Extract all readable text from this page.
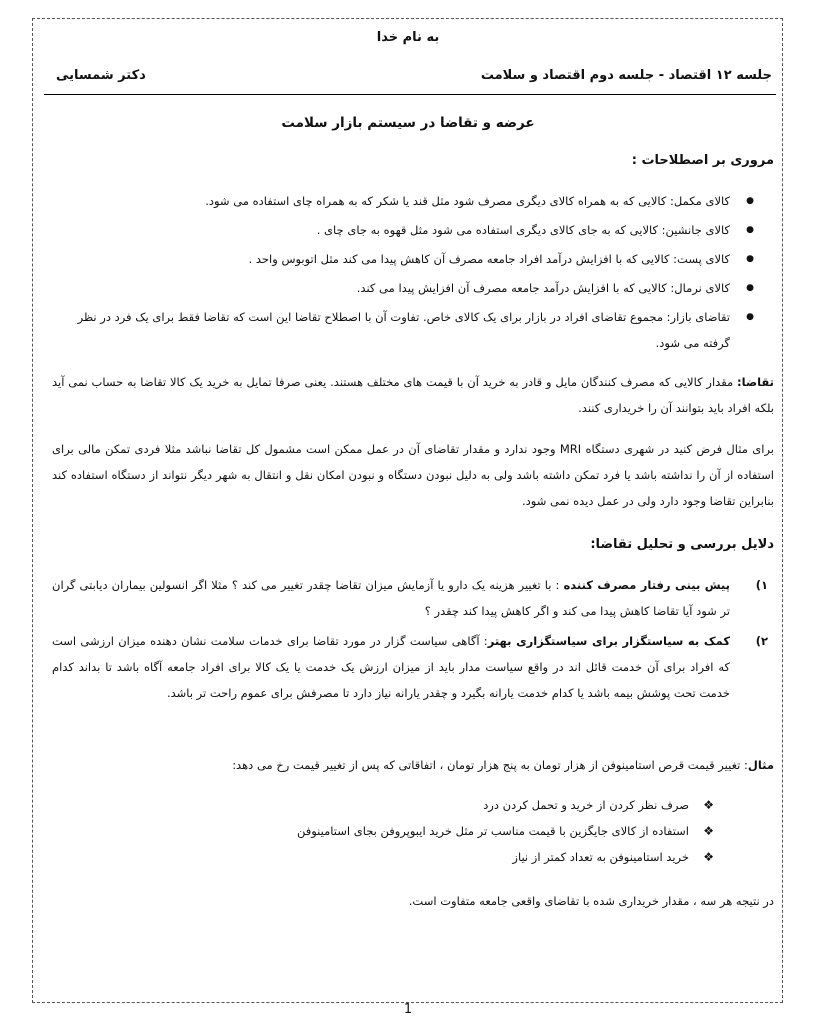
به نام خدا
جلسه ۱۲ اقتصاد - جلسه دوم اقتصاد و سلامت
دکتر شمسایی
عرضه و تقاضا در سیستم بازار سلامت
مروری بر اصطلاحات :
● کالای مکمل: کالایی که به همراه کالای دیگری مصرف شود مثل قند یا شکر که به همراه چای استفاده می شود.
● کالای جانشین: کالایی که به جای کالای دیگری استفاده می شود مثل قهوه به جای چای .
● کالای پست: کالایی که با افزایش درآمد افراد جامعه مصرف آن کاهش پیدا می کند مثل اتوبوس واحد .
● کالای نرمال: کالایی که با افزایش درآمد جامعه مصرف آن افزایش پیدا می کند.
● تقاضای بازار: مجموع تقاضای افراد در بازار برای یک کالای خاص. تفاوت آن با اصطلاح تقاضا این است که تقاضا فقط برای یک فرد در نظر گرفته می شود.
تقاضا: مقدار کالایی که مصرف کنندگان مایل و قادر به خرید آن با قیمت های مختلف هستند. یعنی صرفا تمایل به خرید یک کالا تقاضا به حساب نمی آید بلکه افراد باید بتوانند آن را خریداری کنند.
برای مثال فرض کنید در شهری دستگاه MRI وجود ندارد و مقدار تقاضای آن در عمل ممکن است مشمول کل تقاضا نباشد مثلا فردی تمکن مالی برای استفاده از آن را نداشته باشد یا فرد تمکن داشته باشد ولی به دلیل نبودن دستگاه و نبودن امکان نقل و انتقال به شهر دیگر نتواند از دستگاه استفاده کند بنابراین تقاضا وجود دارد ولی در عمل دیده نمی شود.
دلایل بررسی و تحلیل تقاضا:
۱)
پیش بینی رفتار مصرف کننده : با تغییر هزینه یک دارو یا آزمایش میزان تقاضا چقدر تغییر می کند ؟ مثلا اگر انسولین بیماران دیابتی گران تر شود آیا تقاضا کاهش پیدا می کند و اگر کاهش پیدا کند چقدر ؟
۲)
کمک به سیاستگزار برای سیاستگزاری بهتر: آگاهی سیاست گزار در مورد تقاضا برای خدمات سلامت نشان دهنده میزان ارزشی است که افراد برای آن خدمت قائل اند در واقع سیاست مدار باید از میزان ارزش یک خدمت یا یک کالا برای افراد جامعه آگاه باشد تا بداند کدام خدمت تحت پوشش بیمه باشد یا کدام خدمت یارانه بگیرد و چقدر یارانه نیاز دارد تا مصرفش برای عموم راحت تر باشد.
مثال: تغییر قیمت قرص استامینوفن از هزار تومان به پنج هزار تومان ، اتفاقاتی که پس از تغییر قیمت رخ می دهد:
❖ صرف نظر کردن از خرید و تحمل کردن درد
❖ استفاده از کالای جایگزین با قیمت مناسب تر مثل خرید ایبوپروفن بجای استامینوفن
❖ خرید استامینوفن به تعداد کمتر از نیاز
در نتیجه هر سه ، مقدار خریداری شده با تقاضای واقعی جامعه متفاوت است.
1
